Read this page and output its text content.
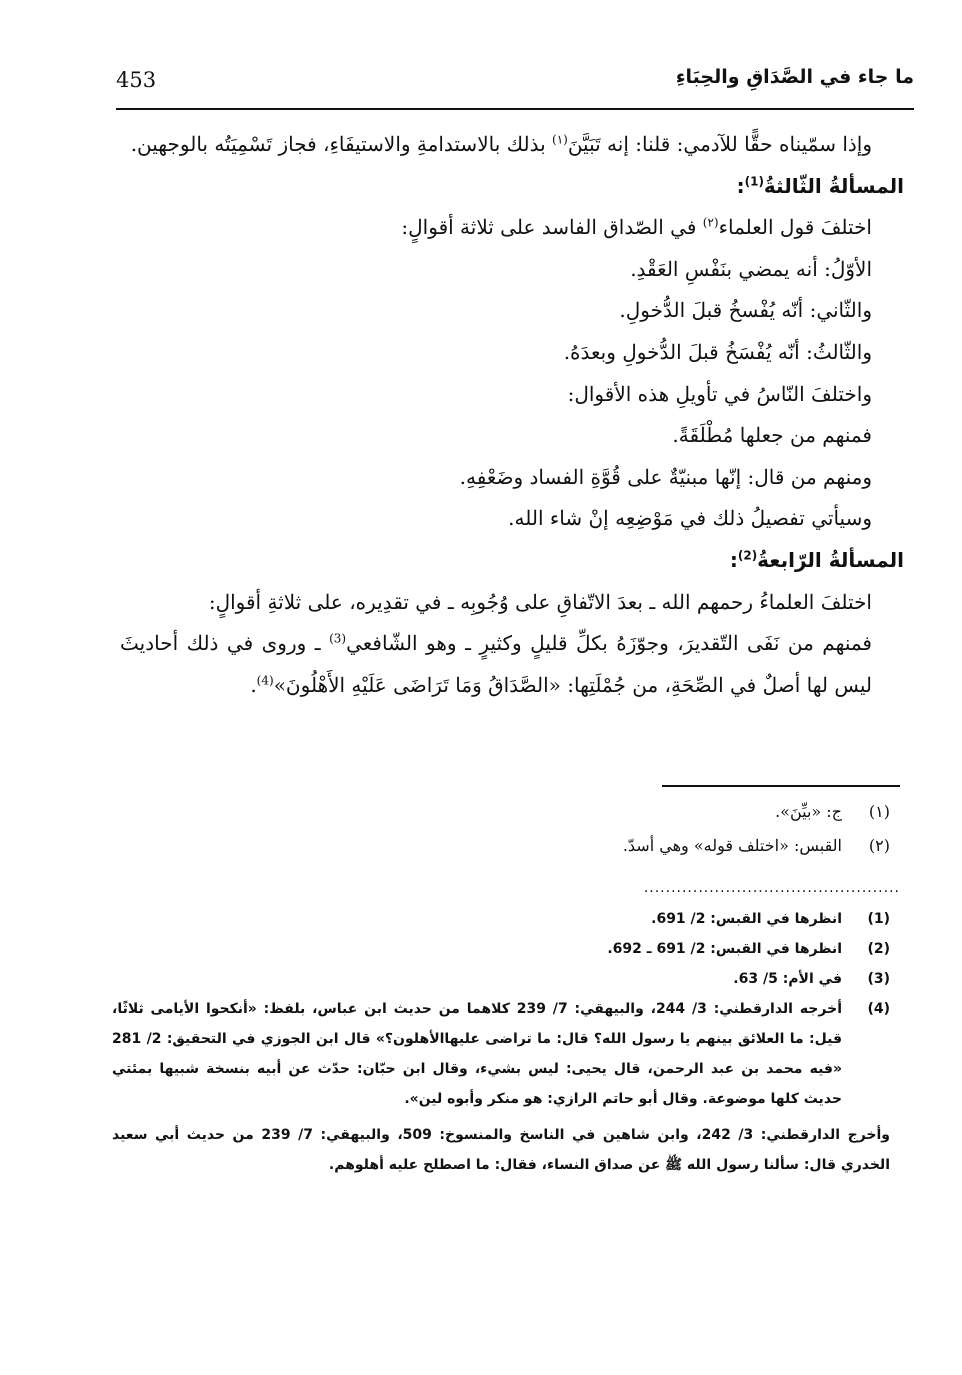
453	ما جاء في الصَّدَاقِ والحِبَاءِ

وإذا سمّيناه حقًّا للآدمي: قلنا: إنه تَبَيَّنَ$^{(١)}$ بذلك بالاستدامةِ والاستيفَاءِ، فجاز تَسْمِيَتُه بالوجهين.

المسألةُ الثّالثةُ$^{(1)}$:

اختلفَ قول العلماء$^{(٢)}$ في الصّداق الفاسد على ثلاثة أقوالٍ:

الأوّلُ: أنه يمضي بنَفْسِ العَقْدِ.

والثّاني: أنّه يُفْسخُ قبلَ الدُّخولِ.

والثّالثُ: أنّه يُفْسَخُ قبلَ الدُّخولِ وبعدَهُ.

واختلفَ النّاسُ في تأويلِ هذه الأقوال:

فمنهم من جعلها مُطْلَقَةً.

ومنهم من قال: إنّها مبنيّةٌ على قُوَّةِ الفساد وضَعْفِهِ.

وسيأتي تفصيلُ ذلك في مَوْضِعِه إنْ شاء الله.

المسألةُ الرّابعةُ$^{(2)}$:

اختلفَ العلماءُ رحمهم الله ـ بعدَ الاتّفاقِ على وُجُوبِه ـ في تقدِيره، على ثلاثةِ أقوالٍ:

فمنهم من نَفَى التّقديرَ، وجوّزَهُ بكلِّ قليلٍ وكثيرٍ ـ وهو الشّافعي$^{(3)}$ ـ وروى في ذلك أحاديثَ ليس لها أصلٌ في الصِّحَةِ، من جُمْلَتِها: «الصَّدَاقُ وَمَا تَرَاضَى عَلَيْهِ الأَهْلُونَ»$^{(4)}$.

(١)
ج: «بيِّنَ».
(٢)
القبس: «اختلف قوله» وهي أسدّ.
...............................................
(1)
انظرها في القبس: 2/ 691.
(2)
انظرها في القبس: 2/ 691 ـ 692.
(3)
في الأم: 5/ 63.
(4)
أخرجه الدارقطني: 3/ 244، والبيهقي: 7/ 239 كلاهما من حديث ابن عباس، بلفظ: «أنكحوا الأيامى ثلاثًا، قيل: ما العلائق بينهم يا رسول الله؟ قال: ما تراضى عليهاالأهلون؟» قال ابن الجوزي في التحقيق: 2/ 281 «فيه محمد بن عبد الرحمن، قال يحيى: ليس بشيء، وقال ابن حبّان: حدّث عن أبيه بنسخة شبيها بمئتي حديث كلها موضوعة. وقال أبو حاتم الرازي: هو منكر وأبوه لين».

وأخرج الدارقطني: 3/ 242، وابن شاهين في الناسخ والمنسوخ: 509، والبيهقي: 7/ 239 من حديث أبي سعيد الخدري قال: سألنا رسول الله ﷺ عن صداق النساء، فقال: ما اصطلح عليه أهلوهم.
